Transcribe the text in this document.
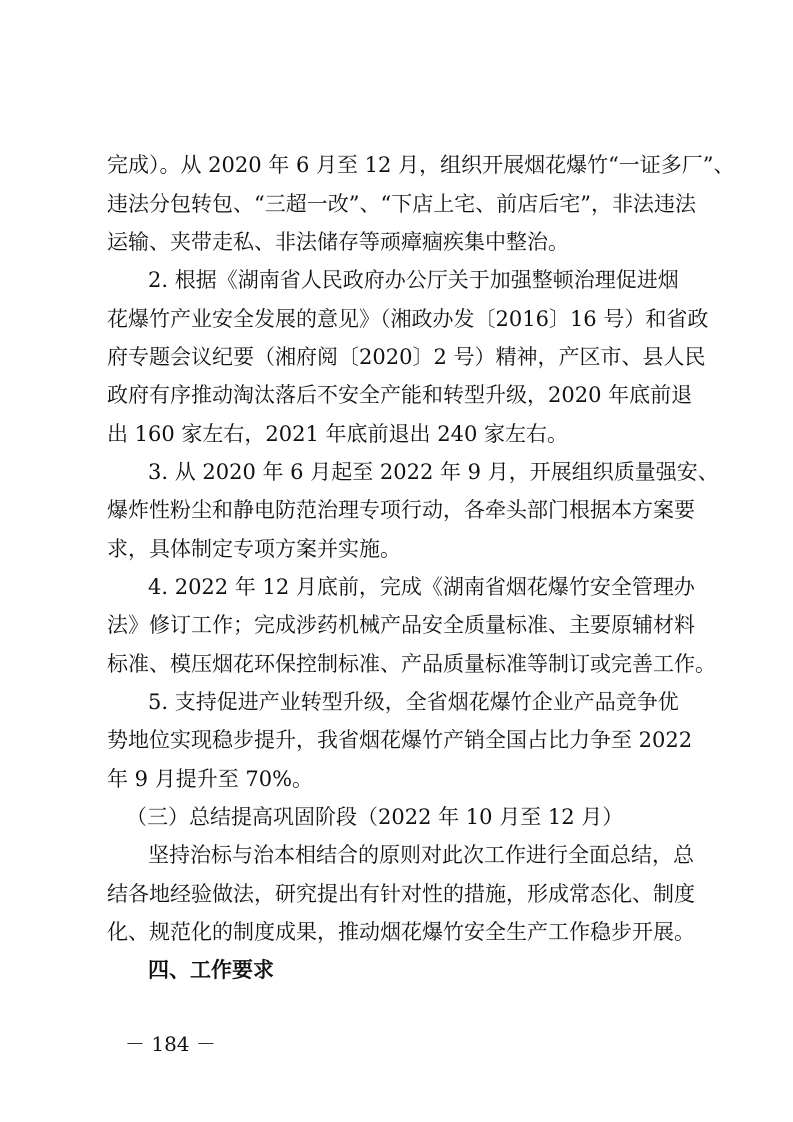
完成）。从 2020 年 6 月至 12 月，组织开展烟花爆竹“一证多厂”、
违法分包转包、“三超一改”、“下店上宅、前店后宅”，非法违法
运输、夹带走私、非法储存等顽瘴痼疾集中整治。
2. 根据《湖南省人民政府办公厅关于加强整顿治理促进烟
花爆竹产业安全发展的意见》（湘政办发〔2016〕16 号）和省政
府专题会议纪要（湘府阅〔2020〕2 号）精神，产区市、县人民
政府有序推动淘汰落后不安全产能和转型升级，2020 年底前退
出 160 家左右，2021 年底前退出 240 家左右。
3. 从 2020 年 6 月起至 2022 年 9 月，开展组织质量强安、
爆炸性粉尘和静电防范治理专项行动，各牵头部门根据本方案要
求，具体制定专项方案并实施。
4. 2022 年 12 月底前，完成《湖南省烟花爆竹安全管理办
法》修订工作；完成涉药机械产品安全质量标准、主要原辅材料
标准、模压烟花环保控制标准、产品质量标准等制订或完善工作。
5. 支持促进产业转型升级，全省烟花爆竹企业产品竞争优
势地位实现稳步提升，我省烟花爆竹产销全国占比力争至 2022
年 9 月提升至 70%。
（三）总结提高巩固阶段（2022 年 10 月至 12 月）
坚持治标与治本相结合的原则对此次工作进行全面总结，总
结各地经验做法，研究提出有针对性的措施，形成常态化、制度
化、规范化的制度成果，推动烟花爆竹安全生产工作稳步开展。
四、工作要求
－ 184 －
